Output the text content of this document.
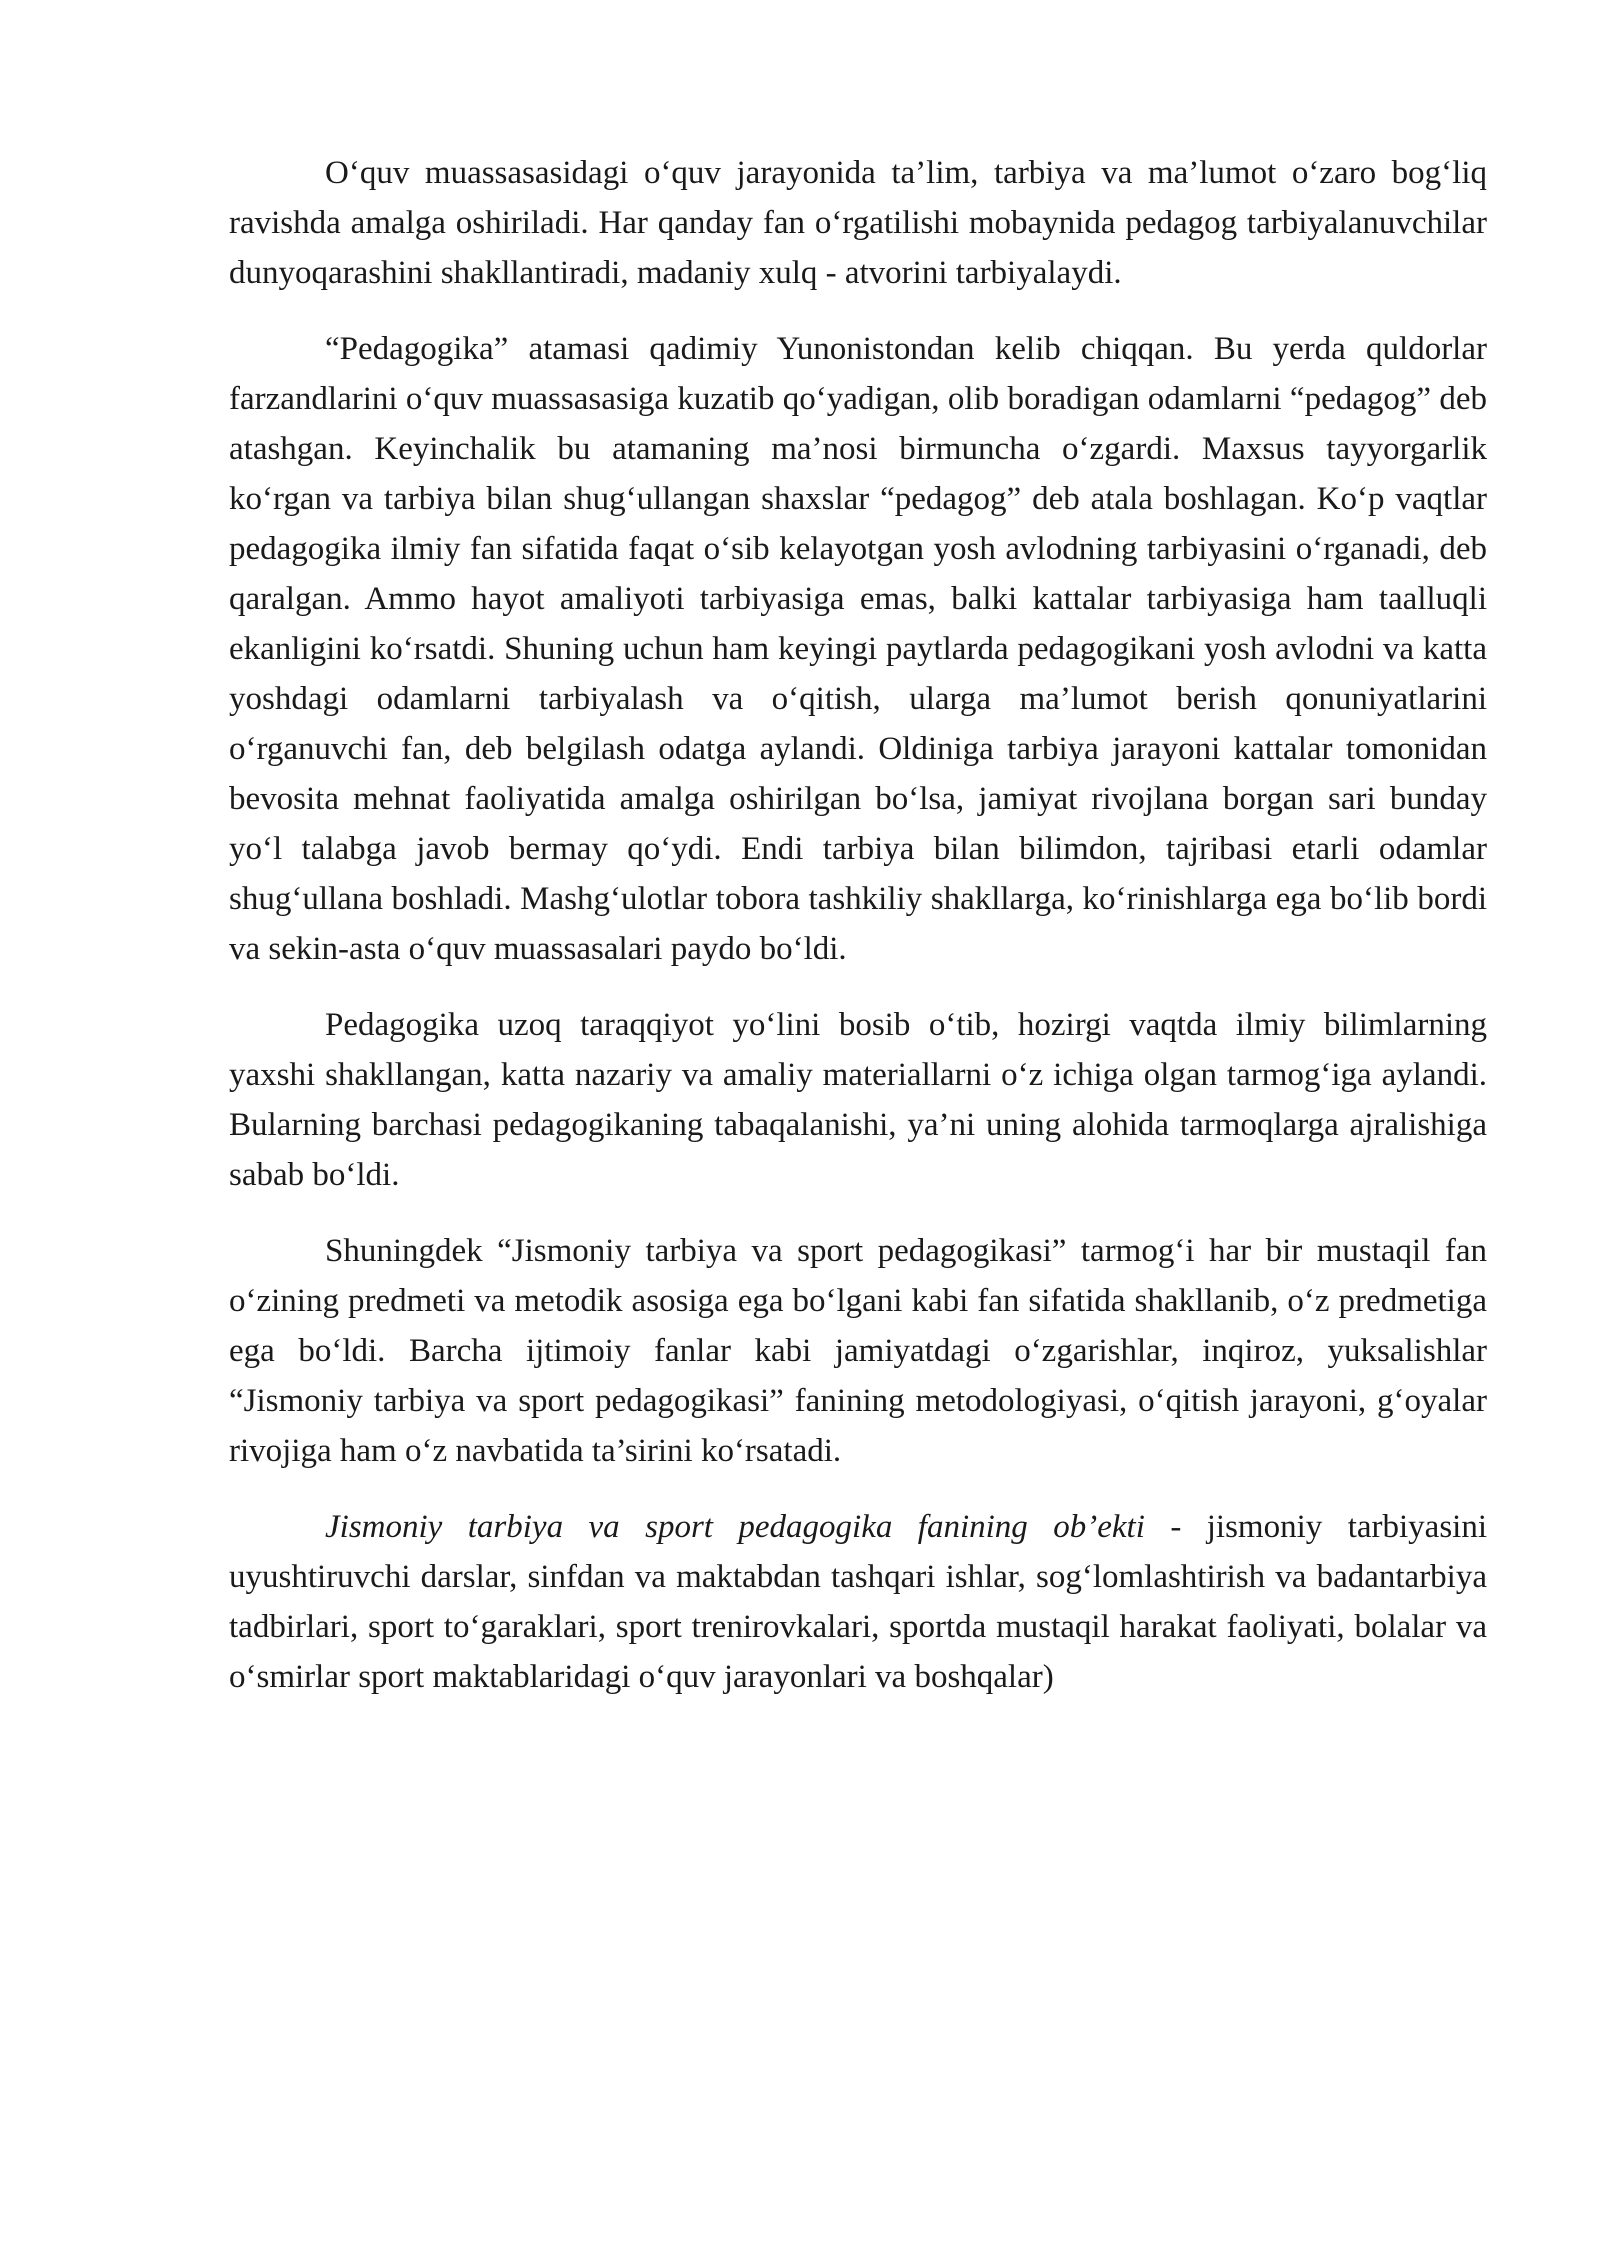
O‘quv muassasasidagi o‘quv jarayonida ta’lim, tarbiya va ma’lumot o‘zaro bog‘liq ravishda amalga oshiriladi. Har qanday fan o‘rgatilishi mobaynida pedagog tarbiyalanuvchilar dunyoqarashini shakllantiradi, madaniy xulq - atvorini tarbiyalaydi.

“Pedagogika” atamasi qadimiy Yunonistondan kelib chiqqan. Bu yerda quldorlar farzandlarini o‘quv muassasasiga kuzatib qo‘yadigan, olib boradigan odamlarni “pedagog” deb atashgan. Keyinchalik bu atamaning ma’nosi birmuncha o‘zgardi. Maxsus tayyorgarlik ko‘rgan va tarbiya bilan shug‘ullangan shaxslar “pedagog” deb atala boshlagan. Ko‘p vaqtlar pedagogika ilmiy fan sifatida faqat o‘sib kelayotgan yosh avlodning tarbiyasini o‘rganadi, deb qaralgan. Ammo hayot amaliyoti tarbiyasiga emas, balki kattalar tarbiyasiga ham taalluqli ekanligini ko‘rsatdi. Shuning uchun ham keyingi paytlarda pedagogikani yosh avlodni va katta yoshdagi odamlarni tarbiyalash va o‘qitish, ularga ma’lumot berish qonuniyatlarini o‘rganuvchi fan, deb belgilash odatga aylandi. Oldiniga tarbiya jarayoni kattalar tomonidan bevosita mehnat faoliyatida amalga oshirilgan bo‘lsa, jamiyat rivojlana borgan sari bunday yo‘l talabga javob bermay qo‘ydi. Endi tarbiya bilan bilimdon, tajribasi etarli odamlar shug‘ullana boshladi. Mashg‘ulotlar tobora tashkiliy shakllarga, ko‘rinishlarga ega bo‘lib bordi va sekin-asta o‘quv muassasalari paydo bo‘ldi.

Pedagogika uzoq taraqqiyot yo‘lini bosib o‘tib, hozirgi vaqtda ilmiy bilimlarning yaxshi shakllangan, katta nazariy va amaliy materiallarni o‘z ichiga olgan tarmog‘iga aylandi. Bularning barchasi pedagogikaning tabaqalanishi, ya’ni uning alohida tarmoqlarga ajralishiga sabab bo‘ldi.

Shuningdek “Jismoniy tarbiya va sport pedagogikasi” tarmog‘i har bir mustaqil fan o‘zining predmeti va metodik asosiga ega bo‘lgani kabi fan sifatida shakllanib, o‘z predmetiga ega bo‘ldi. Barcha ijtimoiy fanlar kabi jamiyatdagi o‘zgarishlar, inqiroz, yuksalishlar “Jismoniy tarbiya va sport pedagogikasi” fanining metodologiyasi, o‘qitish jarayoni, g‘oyalar rivojiga ham o‘z navbatida ta’sirini ko‘rsatadi.

Jismoniy tarbiya va sport pedagogika fanining ob’ekti - jismoniy tarbiyasini uyushtiruvchi darslar, sinfdan va maktabdan tashqari ishlar, sog‘lomlashtirish va badantarbiya tadbirlari, sport to‘garaklari, sport trenirovkalari, sportda mustaqil harakat faoliyati, bolalar va o‘smirlar sport maktablaridagi o‘quv jarayonlari va boshqalar)
